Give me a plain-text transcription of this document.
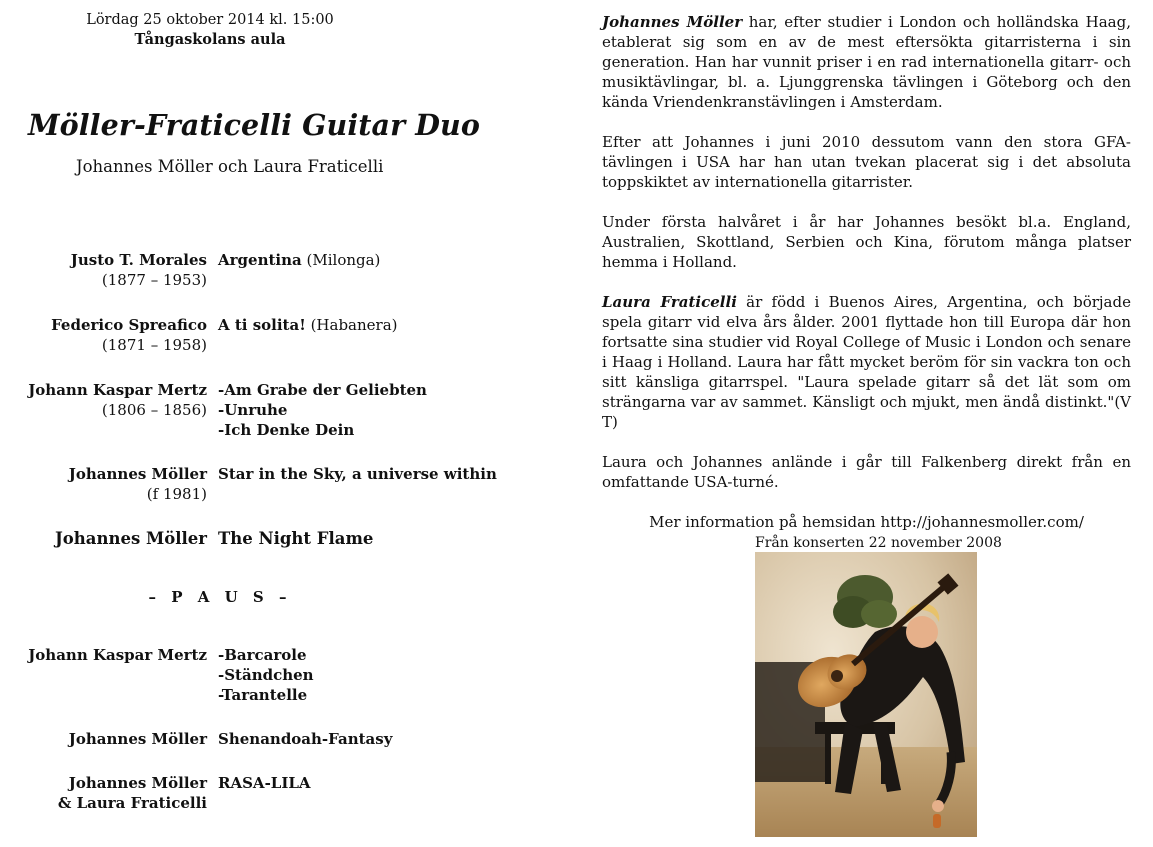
Lördag 25 oktober 2014 kl. 15:00
Tångaskolans aula
Möller-Fraticelli Guitar Duo
Johannes Möller och Laura Fraticelli
Justo T. Morales
(1877 – 1953)
Argentina (Milonga)
Federico Spreafico
(1871 – 1958)
A ti solita! (Habanera)
Johann Kaspar Mertz
(1806 – 1856)
-Am Grabe der Geliebten
-Unruhe
-Ich Denke Dein
Johannes Möller
(f 1981)
Star in the Sky, a universe within
Johannes Möller The Night Flame
– P A U S –
Johann Kaspar Mertz -Barcarole
-Ständchen
-Tarantelle
Johannes Möller Shenandoah-Fantasy
Johannes Möller
& Laura Fraticelli
RASA-LILA

Johannes Möller har, efter studier i London och holländska Haag, etablerat sig som en av de mest eftersökta gitarristerna i sin generation. Han har vunnit priser i en rad internationella gitarr- och musiktävlingar, bl. a. Ljunggrenska tävlingen i Göteborg och den kända Vriendenkranstävlingen i Amsterdam.

Efter att Johannes i juni 2010 dessutom vann den stora GFA-tävlingen i USA har han utan tvekan placerat sig i det absoluta toppskiktet av internationella gitarrister.

Under första halvåret i år har Johannes besökt bl.a. England, Australien, Skottland, Serbien och Kina, förutom många platser hemma i Holland.

Laura Fraticelli är född i Buenos Aires, Argentina, och började spela gitarr vid elva års ålder. 2001 flyttade hon till Europa där hon fortsatte sina studier vid Royal College of Music i London och senare i Haag i Holland. Laura har fått mycket beröm för sin vackra ton och sitt känsliga gitarrspel. "Laura spelade gitarr så det lät som om strängarna var av sammet. Känsligt och mjukt, men ändå distinkt."(V T)

Laura och Johannes anlände i går till Falkenberg direkt från en omfattande USA-turné.

Mer information på hemsidan http://johannesmoller.com/

Från konserten 22 november 2008
